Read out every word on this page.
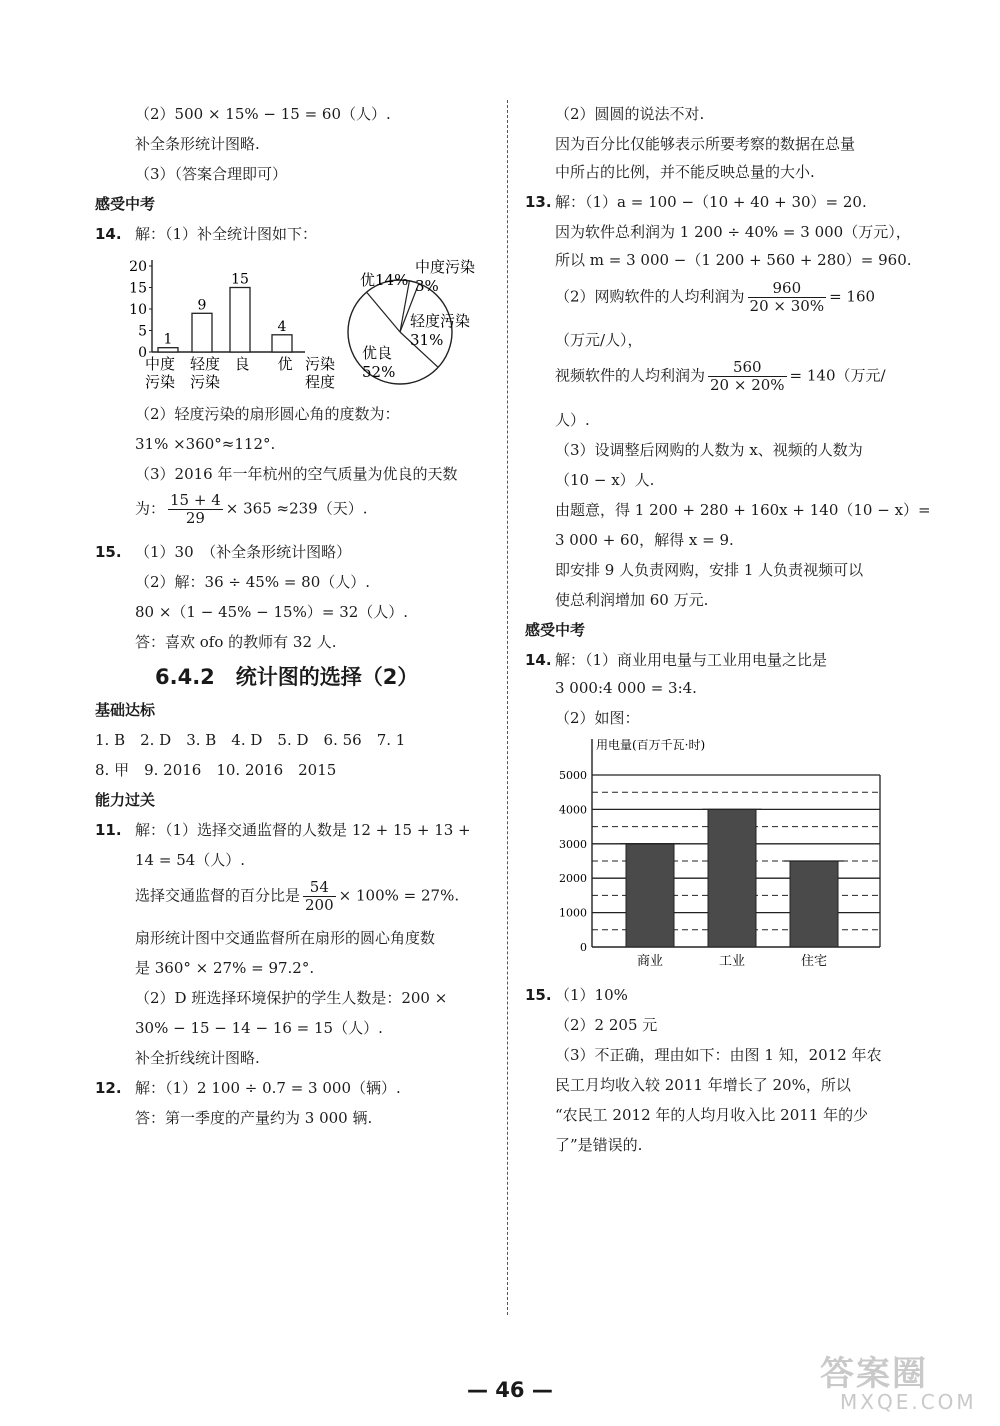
（2）500 × 15% − 15 = 60（人）.
补全条形统计图略.
（3）（答案合理即可）
感受中考
14. 解：（1）补全统计图如下：
0
5
10
15
20
1
9
15
4
中度
污染
轻度
污染
良 优 污染
程度
优14%
中度污染
3%
轻度污染
31%
优良
52%
（2）轻度污染的扇形圆心角的度数为：
31% ×360°≈112°.
（3）2016 年一年杭州的空气质量为优良的天数
为： $\frac{15 + 4}{29} \times 365 \approx 239$（天）.
15. （1）30　（补全条形统计图略）
（2）解：36 ÷ 45% = 80（人）.
80 ×（1 − 45% − 15%）= 32（人）.
答：喜欢 ofo 的教师有 32 人.
6.4.2　统计图的选择（2）
基础达标
1. B　2. D　3. B　4. D　5. D　6. 56　7. 1
8. 甲　9. 2016　10. 2016　2015
能力过关
11. 解：（1）选择交通监督的人数是 12 + 15 + 13 +
14 = 54（人）.
选择交通监督的百分比是 $\frac{54}{200} \times 100\% = 27\%$.
扇形统计图中交通监督所在扇形的圆心角度数
是 360° × 27% = 97.2°.
（2）D 班选择环境保护的学生人数是：200 ×
30% − 15 − 14 − 16 = 15（人）.
补全折线统计图略.
12. 解：（1）2 100 ÷ 0.7 = 3 000（辆）.
答：第一季度的产量约为 3 000 辆.
（2）圆圆的说法不对.
因为百分比仅能够表示所要考察的数据在总量
中所占的比例，并不能反映总量的大小.
13. 解：（1）a = 100 −（10 + 40 + 30）= 20.
因为软件总利润为 1 200 ÷ 40% = 3 000（万元），
所以 m = 3 000 −（1 200 + 560 + 280）= 960.
（2）网购软件的人均利润为 $\frac{960}{20 \times 30\%} = 160$
（万元/人），
视频软件的人均利润为 $\frac{560}{20 \times 20\%} = 140$（万元/
人）.
（3）设调整后网购的人数为 x、视频的人数为
（10 − x）人.
由题意，得 1 200 + 280 + 160x + 140（10 − x）=
3 000 + 60，解得 x = 9.
即安排 9 人负责网购，安排 1 人负责视频可以
使总利润增加 60 万元.
感受中考
14. 解：（1）商业用电量与工业用电量之比是
3 000:4 000 = 3:4.
（2）如图：
用电量(百万千瓦·时)
0
1000
2000
3000
4000
5000
商业	工业	住宅
15. （1）10%
（2）2 205 元
（3）不正确，理由如下：由图 1 知，2012 年农
民工月均收入较 2011 年增长了 20%，所以
“农民工 2012 年的人均月收入比 2011 年的少
了”是错误的.
— 46 —	答案圈
MXQE.COM
